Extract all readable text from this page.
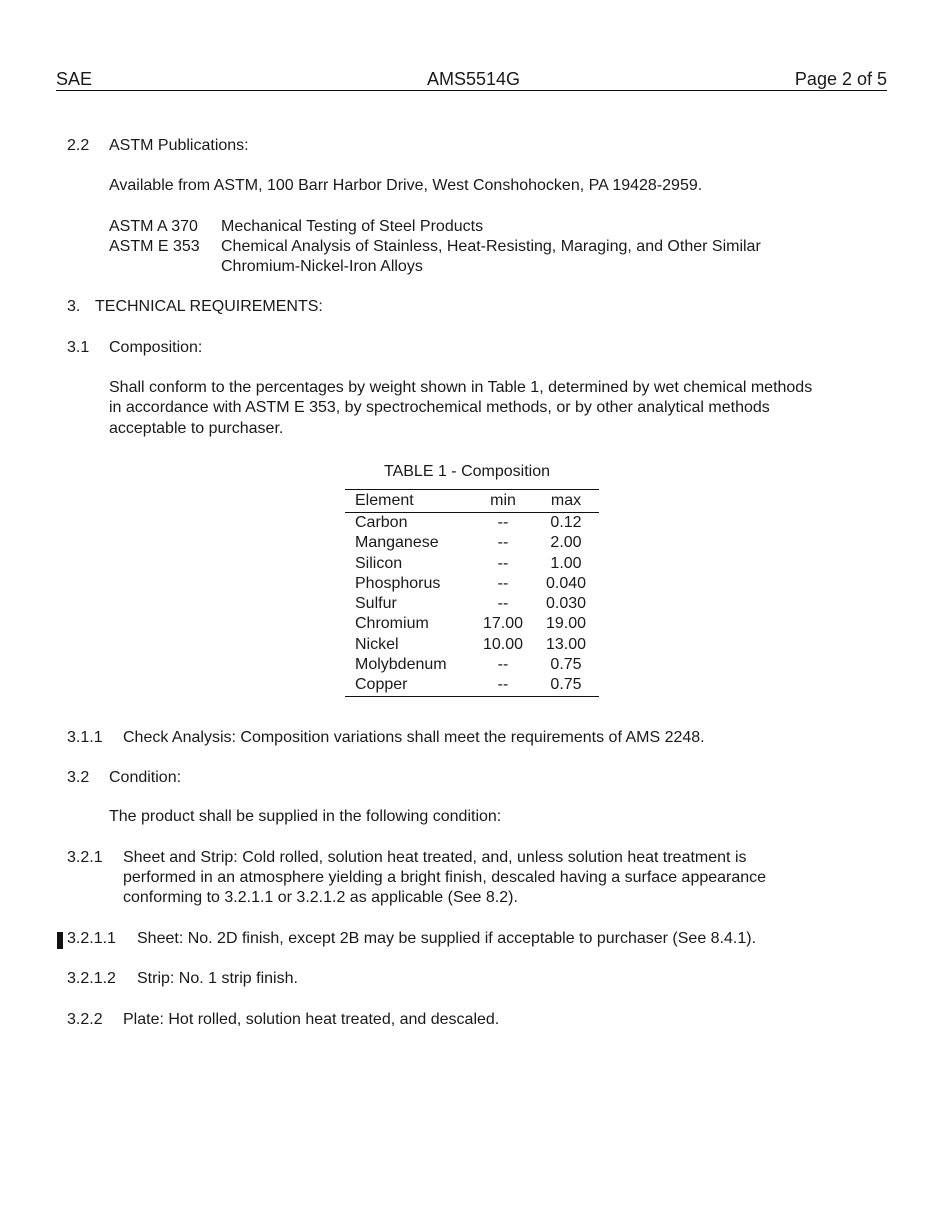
SAE	AMS5514G	Page 2 of 5
2.2 ASTM Publications:
Available from ASTM, 100 Barr Harbor Drive, West Conshohocken, PA 19428-2959.
ASTM A 370 Mechanical Testing of Steel Products
ASTM E 353 Chemical Analysis of Stainless, Heat-Resisting, Maraging, and Other Similar
Chromium-Nickel-Iron Alloys
3. TECHNICAL REQUIREMENTS:
3.1 Composition:
Shall conform to the percentages by weight shown in Table 1, determined by wet chemical methods
in accordance with ASTM E 353, by spectrochemical methods, or by other analytical methods
acceptable to purchaser.
TABLE 1 - Composition
Element	min	max
Carbon	--	0.12
Manganese	--	2.00
Silicon	--	1.00
Phosphorus	--	0.040
Sulfur	--	0.030
Chromium	17.00	19.00
Nickel	10.00	13.00
Molybdenum	--	0.75
Copper	--	0.75
3.1.1 Check Analysis: Composition variations shall meet the requirements of AMS 2248.
3.2 Condition:
The product shall be supplied in the following condition:
3.2.1 Sheet and Strip: Cold rolled, solution heat treated, and, unless solution heat treatment is
performed in an atmosphere yielding a bright finish, descaled having a surface appearance
conforming to 3.2.1.1 or 3.2.1.2 as applicable (See 8.2).
3.2.1.1 Sheet: No. 2D finish, except 2B may be supplied if acceptable to purchaser (See 8.4.1).
3.2.1.2 Strip: No. 1 strip finish.
3.2.2 Plate: Hot rolled, solution heat treated, and descaled.
